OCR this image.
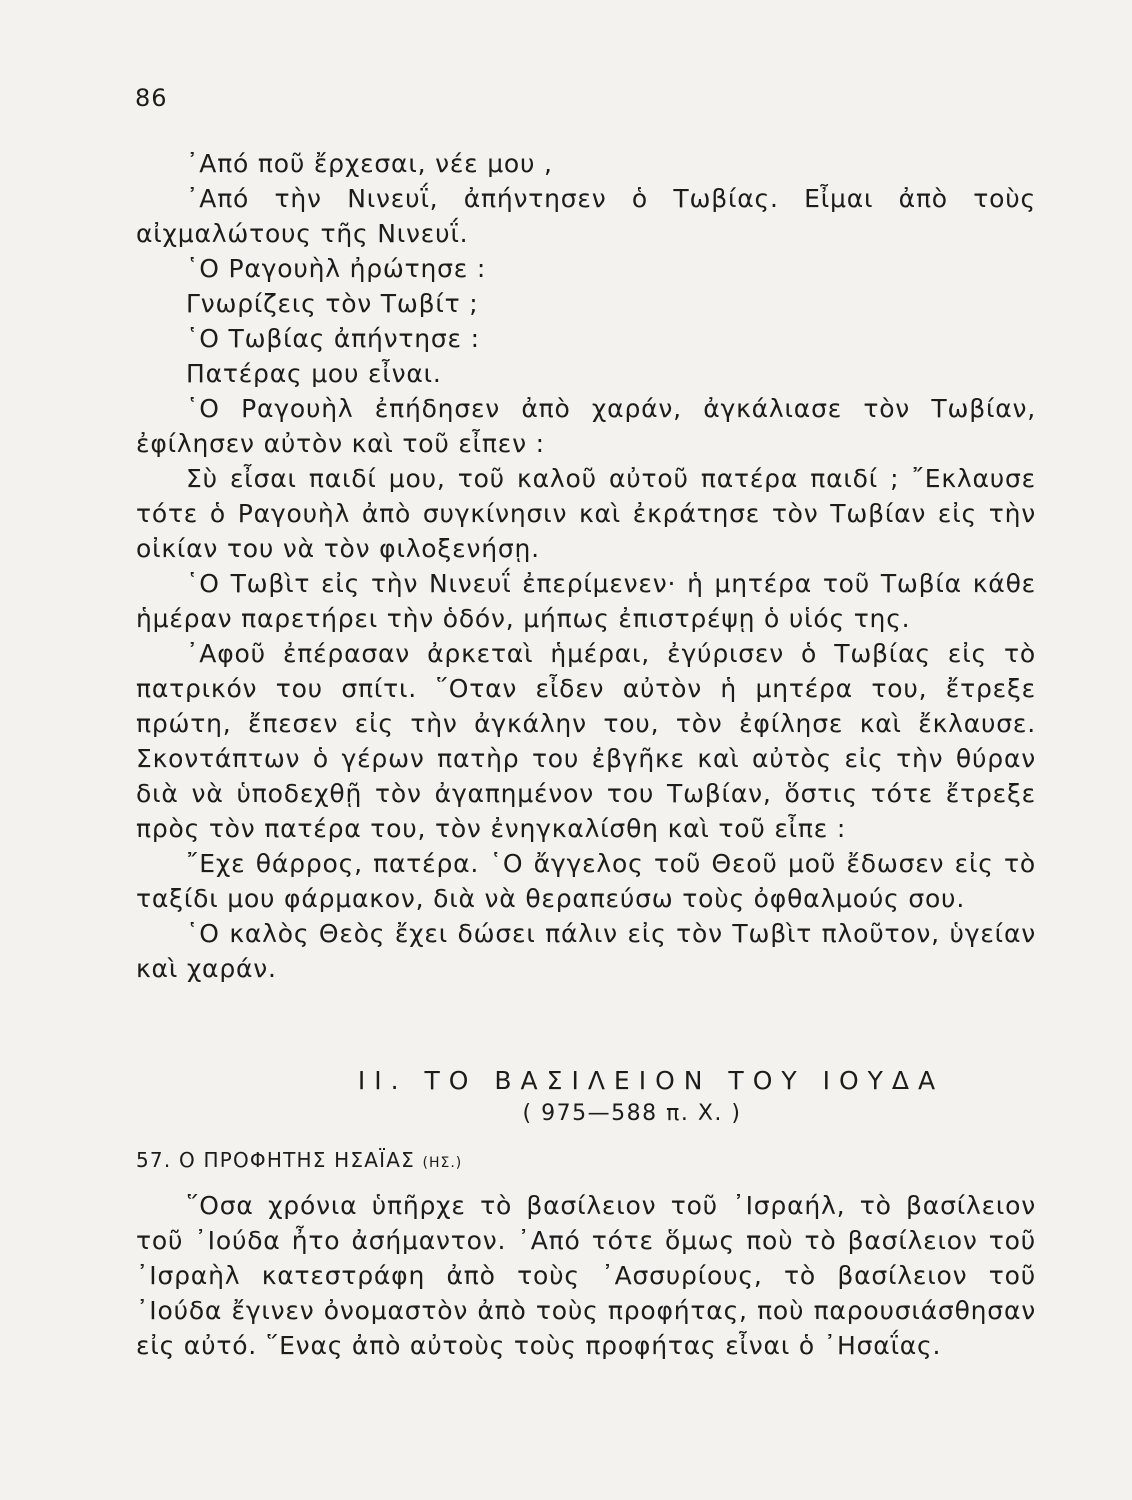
86

᾿Από ποῦ ἔρχεσαι, νέε μου ,

᾿Από τὴν Νινευΐ, ἀπήντησεν ὁ Τωβίας. Εἶμαι ἀπὸ τοὺς αἰχμαλώτους τῆς Νινευΐ.

῾Ο Ραγουὴλ ἠρώτησε :

Γνωρίζεις τὸν Τωβίτ ;

῾Ο Τωβίας ἀπήντησε :

Πατέρας μου εἶναι.

῾Ο Ραγουὴλ ἐπήδησεν ἀπὸ χαράν, ἀγκάλιασε τὸν Τωβίαν, ἐφίλησεν αὐτὸν καὶ τοῦ εἶπεν :

Σὺ εἶσαι παιδί μου, τοῦ καλοῦ αὐτοῦ πατέρα παιδί ; ῎Εκλαυσε τότε ὁ Ραγουὴλ ἀπὸ συγκίνησιν καὶ ἐκράτησε τὸν Τωβίαν εἰς τὴν οἰκίαν του νὰ τὸν φιλοξενήσῃ.

῾Ο Τωβὶτ εἰς τὴν Νινευΐ ἐπερίμενεν· ἡ μητέρα τοῦ Τωβία κάθε ἡμέραν παρετήρει τὴν ὁδόν, μήπως ἐπιστρέψῃ ὁ υἱός της.

᾿Αφοῦ ἐπέρασαν ἀρκεταὶ ἡμέραι, ἐγύρισεν ὁ Τωβίας εἰς τὸ πατρικόν του σπίτι. ῞Οταν εἶδεν αὐτὸν ἡ μητέρα του, ἔτρεξε πρώτη, ἔπεσεν εἰς τὴν ἀγκάλην του, τὸν ἐφίλησε καὶ ἔκλαυσε. Σκοντάπτων ὁ γέρων πατὴρ του ἐβγῆκε καὶ αὐτὸς εἰς τὴν θύραν διὰ νὰ ὑποδεχθῇ τὸν ἀγαπημένον του Τωβίαν, ὅστις τότε ἔτρεξε πρὸς τὸν πατέρα του, τὸν ἐνηγκαλίσθη καὶ τοῦ εἶπε :

῎Εχε θάρρος, πατέρα. ῾Ο ἄγγελος τοῦ Θεοῦ μοῦ ἔδωσεν εἰς τὸ ταξίδι μου φάρμακον, διὰ νὰ θεραπεύσω τοὺς ὀφθαλμούς σου.

῾Ο καλὸς Θεὸς ἔχει δώσει πάλιν εἰς τὸν Τωβὶτ πλοῦτον, ὑγείαν καὶ χαράν.

ΙΙ. ΤΟ ΒΑΣΙΛΕΙΟΝ ΤΟΥ ΙΟΥΔΑ
( 975—588 π. Χ. )
57. Ο ΠΡΟΦΗΤΗΣ ΗΣΑΪΑΣ (ΗΣ.)

῞Οσα χρόνια ὑπῆρχε τὸ βασίλειον τοῦ ᾿Ισραήλ, τὸ βασίλειον τοῦ ᾿Ιούδα ἦτο ἀσήμαντον. ᾿Από τότε ὅμως ποὺ τὸ βασίλειον τοῦ ᾿Ισραὴλ κατεστράφη ἀπὸ τοὺς ᾿Ασσυρίους, τὸ βασίλειον τοῦ ᾿Ιούδα ἔγινεν ὀνομαστὸν ἀπὸ τοὺς προφήτας, ποὺ παρουσιάσθησαν εἰς αὐτό. ῞Ενας ἀπὸ αὐτοὺς τοὺς προφήτας εἶναι ὁ ᾿Ησαΐας.
